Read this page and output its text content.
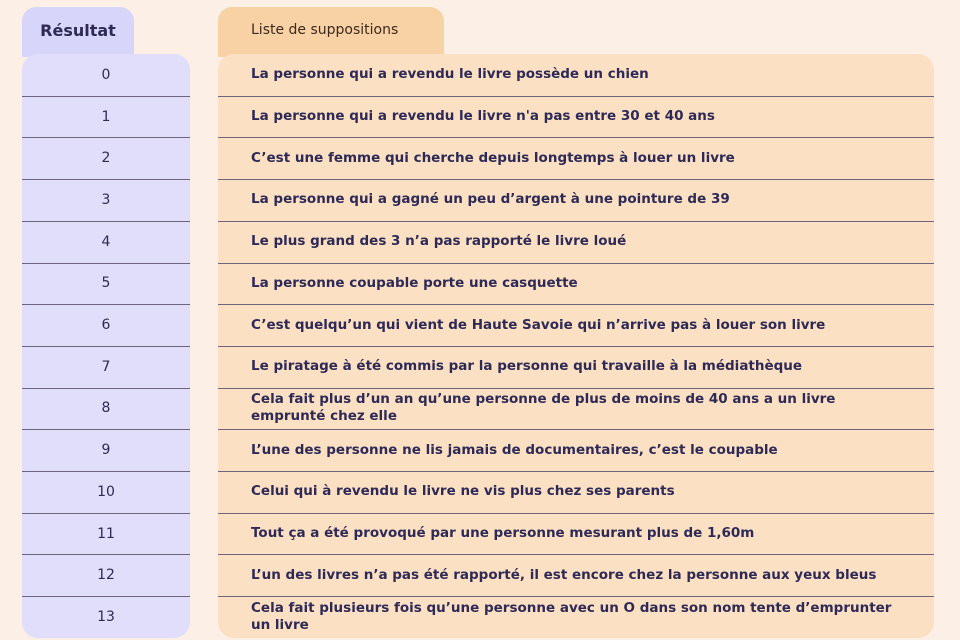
Résultat	Liste de suppositions
0
1
2
3
4
5
6
7
8
9
10
11
12
13
La personne qui a revendu le livre possède un chien
La personne qui a revendu le livre n'a pas entre 30 et 40 ans
C’est une femme qui cherche depuis longtemps à louer un livre
La personne qui a gagné un peu d’argent à une pointure de 39
Le plus grand des 3 n’a pas rapporté le livre loué
La personne coupable porte une casquette
C’est quelqu’un qui vient de Haute Savoie qui n’arrive pas à louer son livre
Le piratage à été commis par la personne qui travaille à la médiathèque
Cela fait plus d’un an qu’une personne de plus de moins de 40 ans a un livre emprunté chez elle
L’une des personne ne lis jamais de documentaires, c’est le coupable
Celui qui à revendu le livre ne vis plus chez ses parents
Tout ça a été provoqué par une personne mesurant plus de 1,60m
L’un des livres n’a pas été rapporté, il est encore chez la personne aux yeux bleus
Cela fait plusieurs fois qu’une personne avec un O dans son nom tente d’emprunter un livre
